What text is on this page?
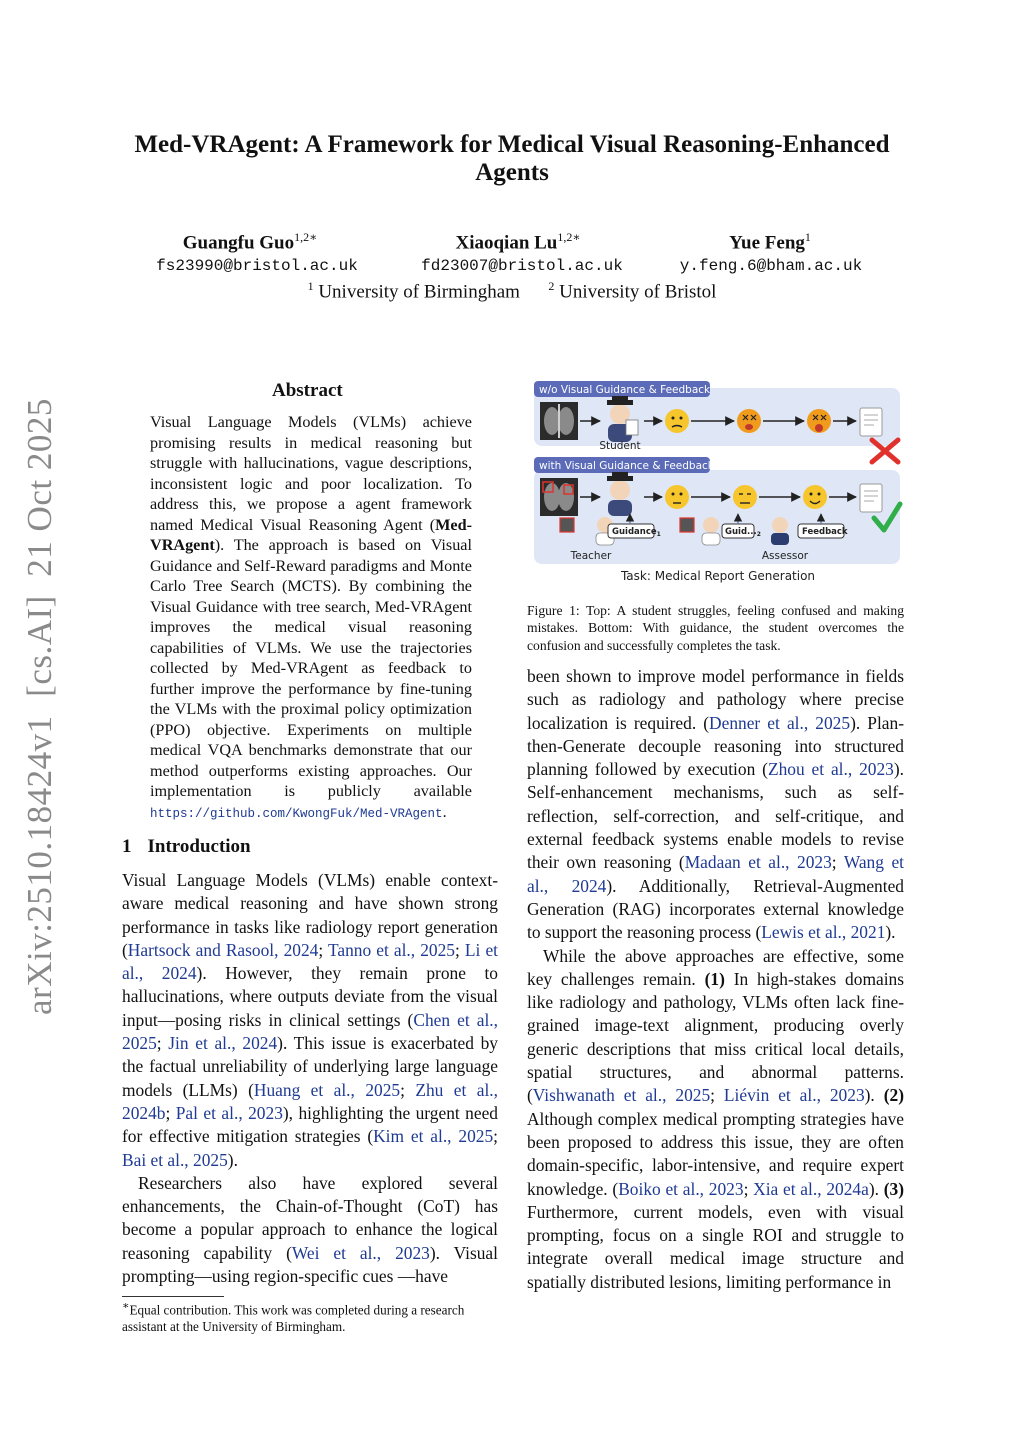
arXiv:2510.18424v1  [cs.AI]  21 Oct 2025
Med-VRAgent: A Framework for Medical Visual Reasoning-Enhanced Agents
Guangfu Guo$^{1,2∗}$
fs23990@bristol.ac.uk
Xiaoqian $Lu^{1,2∗}$
fd23007@bristol.ac.uk
Yue Feng$^1$
y.feng.6@bham.ac.uk
$^1$ University of Birmingham $^2$ University of Bristol
Abstract
Visual Language Models (VLMs) achieve promising results in medical reasoning but struggle with hallucinations, vague descriptions, inconsistent logic and poor localization. To address this, we propose a agent framework named Medical Visual Reasoning Agent (Med-VRAgent). The approach is based on Visual Guidance and Self-Reward paradigms and Monte Carlo Tree Search (MCTS). By combining the Visual Guidance with tree search, Med-VRAgent improves the medical visual reasoning capabilities of VLMs. We use the trajectories collected by Med-VRAgent as feedback to further improve the performance by fine-tuning the VLMs with the proximal policy optimization (PPO) objective. Experiments on multiple medical VQA benchmarks demonstrate that our method outperforms existing approaches. Our implementation is publicly available https://github.com/KwongFuk/Med-VRAgent.
1 Introduction

Visual Language Models (VLMs) enable context-aware medical reasoning and have shown strong performance in tasks like radiology report generation (Hartsock and Rasool, 2024; Tanno et al., 2025; Li et al., 2024). However, they remain prone to hallucinations, where outputs deviate from the visual input—posing risks in clinical settings (Chen et al., 2025; Jin et al., 2024). This issue is exacerbated by the factual unreliability of underlying large language models (LLMs) (Huang et al., 2025; Zhu et al., 2024b; Pal et al., 2023), highlighting the urgent need for effective mitigation strategies (Kim et al., 2025; Bai et al., 2025).

Researchers also have explored several enhancements, the Chain-of-Thought (CoT) has become a popular approach to enhance the logical reasoning capability (Wei et al., 2023). Visual prompting—using region-specific cues —have

∗Equal contribution. This work was completed during a research assistant at the University of Birmingham.
w/o Visual Guidance & Feedback
Student
with Visual Guidance & Feedback
Teacher
Guidance$_1$	$Guid..._2$
Assessor
Feedback
Task: Medical Report Generation
Figure 1: Top: A student struggles, feeling confused and making mistakes. Bottom: With guidance, the student overcomes the confusion and successfully completes the task.

been shown to improve model performance in fields such as radiology and pathology where precise localization is required. (Denner et al., 2025). Plan-then-Generate decouple reasoning into structured planning followed by execution (Zhou et al., 2023). Self-enhancement mechanisms, such as self-reflection, self-correction, and self-critique, and external feedback systems enable models to revise their own reasoning (Madaan et al., 2023; Wang et al., 2024). Additionally, Retrieval-Augmented Generation (RAG) incorporates external knowledge to support the reasoning process (Lewis et al., 2021).

While the above approaches are effective, some key challenges remain. (1) In high-stakes domains like radiology and pathology, VLMs often lack fine-grained image-text alignment, producing overly generic descriptions that miss critical local details, spatial structures, and abnormal patterns. (Vishwanath et al., 2025; Liévin et al., 2023). (2) Although complex medical prompting strategies have been proposed to address this issue, they are often domain-specific, labor-intensive, and require expert knowledge. (Boiko et al., 2023; Xia et al., 2024a). (3) Furthermore, current models, even with visual prompting, focus on a single ROI and struggle to integrate overall medical image structure and spatially distributed lesions, limiting performance in
